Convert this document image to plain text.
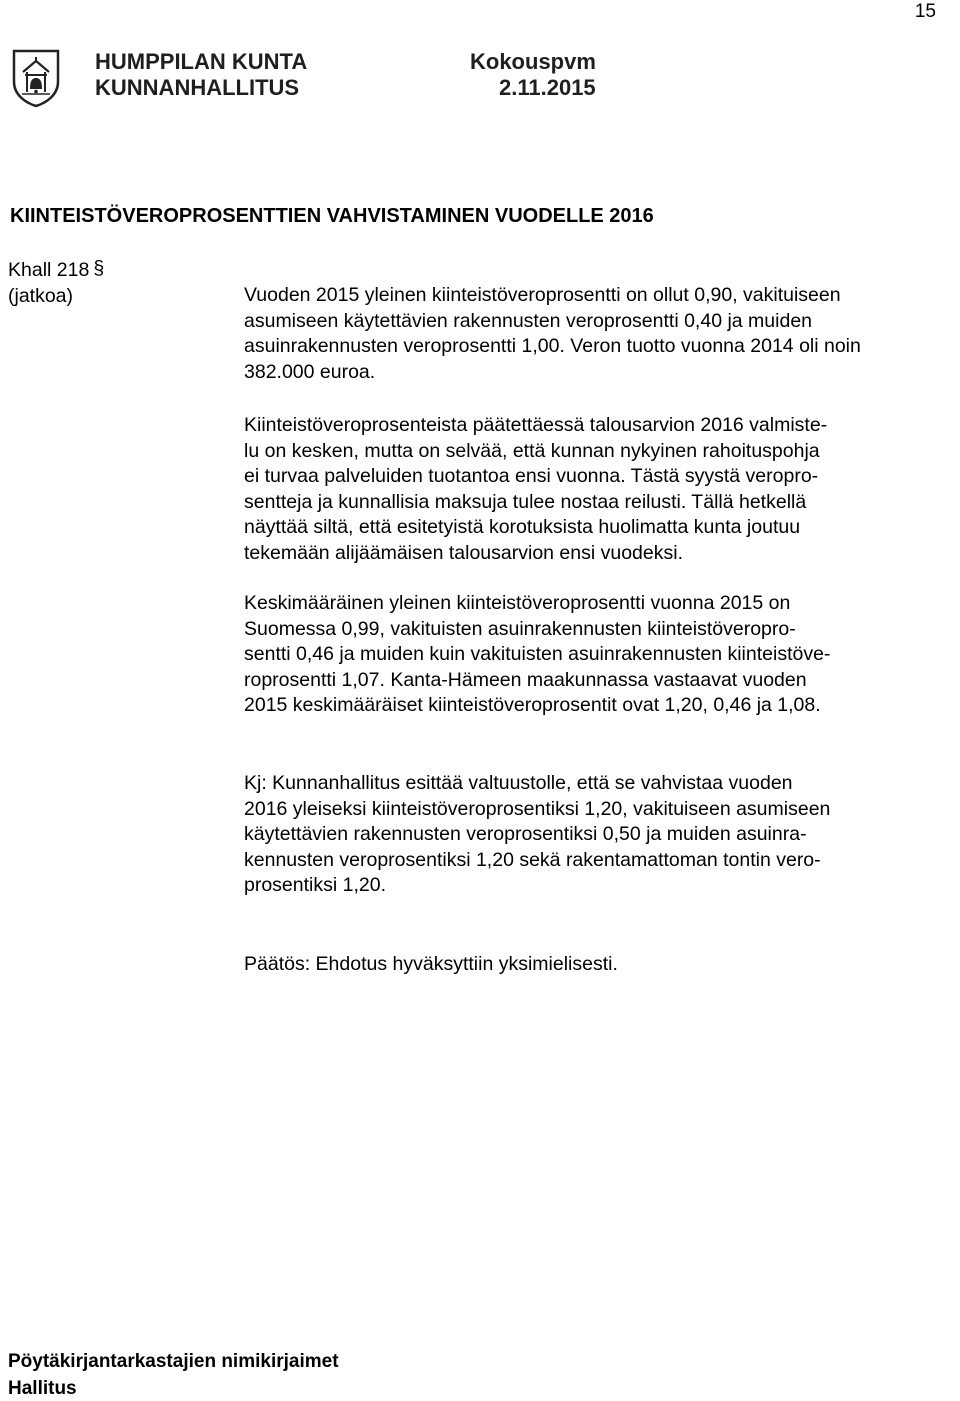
15
HUMPPILAN KUNTA
KUNNANHALLITUS
Kokouspvm
2.11.2015
KIINTEISTÖVEROPROSENTTIEN VAHVISTAMINEN VUODELLE 2016
Khall 218 §
(jatkoa)	Vuoden 2015 yleinen kiinteistöveroprosentti on ollut 0,90, vakituiseen
asumiseen käytettävien rakennusten veroprosentti 0,40 ja muiden
asuinrakennusten veroprosentti 1,00. Veron tuotto vuonna 2014 oli noin
382.000 euroa.
Kiinteistöveroprosenteista päätettäessä talousarvion 2016 valmiste-
lu on kesken, mutta on selvää, että kunnan nykyinen rahoituspohja
ei turvaa palveluiden tuotantoa ensi vuonna. Tästä syystä veropro-
sentteja ja kunnallisia maksuja tulee nostaa reilusti. Tällä hetkellä
näyttää siltä, että esitetyistä korotuksista huolimatta kunta joutuu
tekemään alijäämäisen talousarvion ensi vuodeksi.
Keskimääräinen yleinen kiinteistöveroprosentti vuonna 2015 on
Suomessa 0,99, vakituisten asuinrakennusten kiinteistöveropro-
sentti 0,46 ja muiden kuin vakituisten asuinrakennusten kiinteistöve-
roprosentti 1,07. Kanta-Hämeen maakunnassa vastaavat vuoden
2015 keskimääräiset kiinteistöveroprosentit ovat 1,20, 0,46 ja 1,08.
Kj: Kunnanhallitus esittää valtuustolle, että se vahvistaa vuoden
2016 yleiseksi kiinteistöveroprosentiksi 1,20, vakituiseen asumiseen
käytettävien rakennusten veroprosentiksi 0,50 ja muiden asuinra-
kennusten veroprosentiksi 1,20 sekä rakentamattoman tontin vero-
prosentiksi 1,20.
Päätös: Ehdotus hyväksyttiin yksimielisesti.
Pöytäkirjantarkastajien nimikirjaimet
Hallitus
